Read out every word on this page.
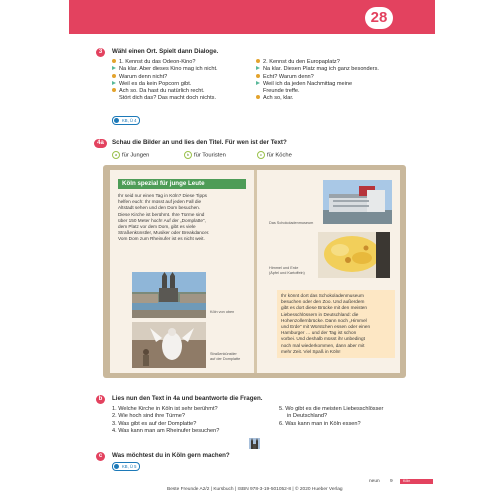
28
3	Wähl einen Ort. Spielt dann Dialoge.
1. Kennst du das Odeon-Kino?
Na klar. Aber dieses Kino mag ich nicht.
Warum denn nicht?
Weil es da kein Popcorn gibt.
Ach so. Da hast du natürlich recht.
Stört dich das? Das macht doch nichts.
2. Kennst du den Europaplatz?
Na klar. Diesen Platz mag ich ganz besonders.
Echt? Warum denn?
Weil ich da jeden Nachmittag meine
Freunde treffe.
Ach so, klar.
KB, Ü 4
4a	Schau die Bilder an und lies den Titel. Für wen ist der Text?
a für Jungen	b für Touristen	c für Köche
Köln spezial für junge Leute
Ihr seid nur einen Tag in Köln? Diese Tipps
helfen euch: Ihr müsst auf jeden Fall die
Altstadt sehen und den Dom besuchen.
Diese Kirche ist berühmt. Ihre Türme sind
über 150 Meter hoch! Auf der „Domplatte“,
dem Platz vor dem Dom, gibt es viele
Straßenkünstler, Musiker oder Breakdancer.
Vom Dom zum Rheinufer ist es nicht weit.
Köln von oben
Straßenkünstler
auf der Domplatte
Das Schokoladenmuseum
Himmel und Erde
(Äpfel und Kartoffeln)
Ihr könnt dort das Schokoladenmuseum
besuchen oder den Zoo. Und außerdem
gibt es dort diese Brücke mit den meisten
Liebesschlössern in Deutschland: die
Hohenzollernbrücke. Dann noch „Himmel
und Erde“ mit Würstchen essen oder einen
Hamburger … und der Tag ist schon
vorbei. Und deshalb müsst ihr unbedingt
noch mal wiederkommen, dann aber mit
mehr Zeit. Viel Spaß in Köln!
b	Lies nun den Text in 4a und beantworte die Fragen.
1. Welche Kirche in Köln ist sehr berühmt?
2. Wie hoch sind ihre Türme?
3. Was gibt es auf der Domplatte?
4. Was kann man am Rheinufer besuchen?
5. Wo gibt es die meisten Liebesschlösser
in Deutschland?
6. Was kann man in Köln essen?
c	Was möchtest du in Köln gern machen?
KB, Ü 5
Beste Freunde A2/2 | Kursbuch | ISBN 978-3-19-501052-8 | © 2020 Hueber Verlag
neun 9	Köln
